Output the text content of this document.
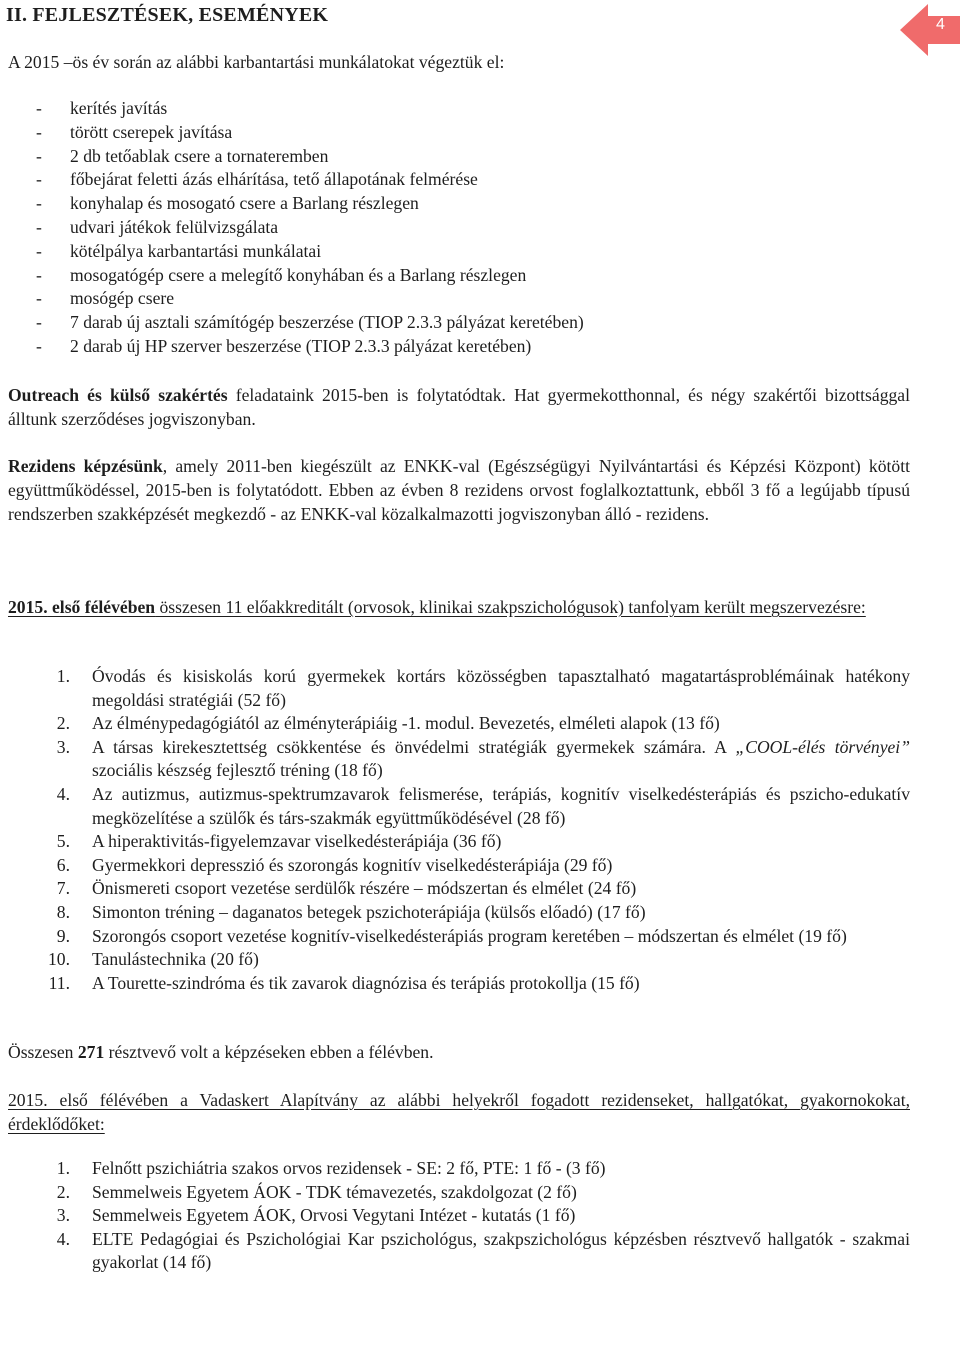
II. FEJLESZTÉSEK, ESEMÉNYEK	4

A 2015 –ös év során az alábbi karbantartási munkálatokat végeztük el:

- kerítés javítás
- törött cserepek javítása
- 2 db tetőablak csere a tornateremben
- főbejárat feletti ázás elhárítása, tető állapotának felmérése
- konyhalap és mosogató csere a Barlang részlegen
- udvari játékok felülvizsgálata
- kötélpálya karbantartási munkálatai
- mosogatógép csere a melegítő konyhában és a Barlang részlegen
- mosógép csere
- 7 darab új asztali számítógép beszerzése (TIOP 2.3.3 pályázat keretében)
- 2 darab új HP szerver beszerzése (TIOP 2.3.3 pályázat keretében)

Outreach és külső szakértés feladataink 2015-ben is folytatódtak. Hat gyermekotthonnal, és négy szakértői bizottsággal álltunk szerződéses jogviszonyban.

Rezidens képzésünk, amely 2011-ben kiegészült az ENKK-val (Egészségügyi Nyilvántartási és Képzési Központ) kötött együttműködéssel, 2015-ben is folytatódott. Ebben az évben 8 rezidens orvost foglalkoztattunk, ebből 3 fő a legújabb típusú rendszerben szakképzését megkezdő - az ENKK-val közalkalmazotti jogviszonyban álló - rezidens.

2015. első félévében összesen 11 előakkreditált (orvosok, klinikai szakpszichológusok) tanfolyam került megszervezésre:

1. Óvodás és kisiskolás korú gyermekek kortárs közösségben tapasztalható magatartásproblémáinak hatékony megoldási stratégiái (52 fő)
2. Az élménypedagógiától az élményterápiáig -1. modul. Bevezetés, elméleti alapok (13 fő)
3. A társas kirekesztettség csökkentése és önvédelmi stratégiák gyermekek számára. A „COOL-élés törvényei” szociális készség fejlesztő tréning (18 fő)
4. Az autizmus, autizmus-spektrumzavarok felismerése, terápiás, kognitív viselkedésterápiás és pszicho-edukatív megközelítése a szülők és társ-szakmák együttműködésével (28 fő)
5. A hiperaktivitás-figyelemzavar viselkedésterápiája (36 fő)
6. Gyermekkori depresszió és szorongás kognitív viselkedésterápiája (29 fő)
7. Önismereti csoport vezetése serdülők részére – módszertan és elmélet (24 fő)
8. Simonton tréning – daganatos betegek pszichoterápiája (külsős előadó) (17 fő)
9. Szorongós csoport vezetése kognitív-viselkedésterápiás program keretében – módszertan és elmélet (19 fő)
10. Tanulástechnika (20 fő)
11. A Tourette-szindróma és tik zavarok diagnózisa és terápiás protokollja (15 fő)

Összesen 271 résztvevő volt a képzéseken ebben a félévben.

2015. első félévében a Vadaskert Alapítvány az alábbi helyekről fogadott rezidenseket, hallgatókat, gyakornokokat, érdeklődőket:

1. Felnőtt pszichiátria szakos orvos rezidensek - SE: 2 fő, PTE: 1 fő - (3 fő)
2. Semmelweis Egyetem ÁOK - TDK témavezetés, szakdolgozat (2 fő)
3. Semmelweis Egyetem ÁOK, Orvosi Vegytani Intézet - kutatás (1 fő)
4. ELTE Pedagógiai és Pszichológiai Kar pszichológus, szakpszichológus képzésben résztvevő hallgatók - szakmai gyakorlat (14 fő)
